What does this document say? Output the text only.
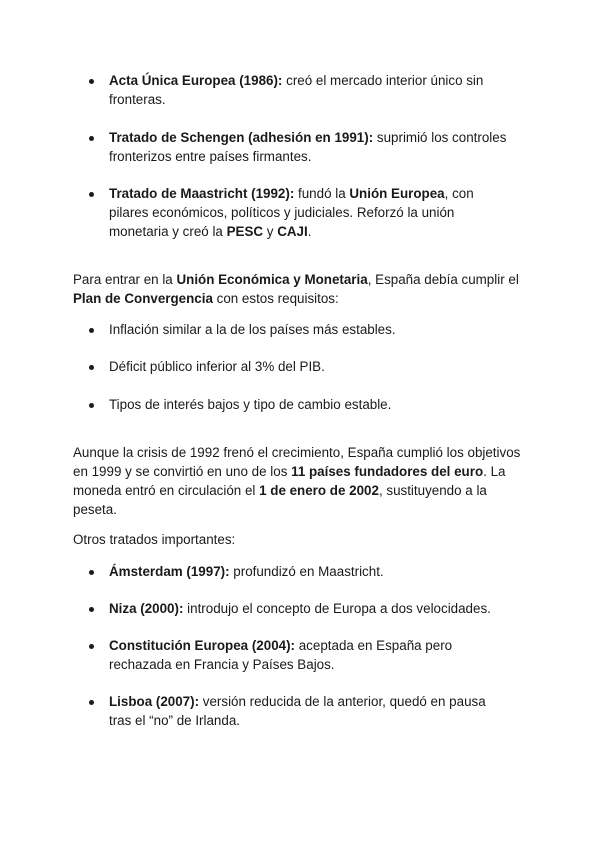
Acta Única Europea (1986): creó el mercado interior único sin fronteras.
Tratado de Schengen (adhesión en 1991): suprimió los controles fronterizos entre países firmantes.
Tratado de Maastricht (1992): fundó la Unión Europea, con pilares económicos, políticos y judiciales. Reforzó la unión monetaria y creó la PESC y CAJI.

Para entrar en la Unión Económica y Monetaria, España debía cumplir el Plan de Convergencia con estos requisitos:

Inflación similar a la de los países más estables.
Déficit público inferior al 3% del PIB.
Tipos de interés bajos y tipo de cambio estable.

Aunque la crisis de 1992 frenó el crecimiento, España cumplió los objetivos en 1999 y se convirtió en uno de los 11 países fundadores del euro. La moneda entró en circulación el 1 de enero de 2002, sustituyendo a la peseta.

Otros tratados importantes:

Ámsterdam (1997): profundizó en Maastricht.
Niza (2000): introdujo el concepto de Europa a dos velocidades.
Constitución Europea (2004): aceptada en España pero rechazada en Francia y Países Bajos.
Lisboa (2007): versión reducida de la anterior, quedó en pausa tras el “no” de Irlanda.
